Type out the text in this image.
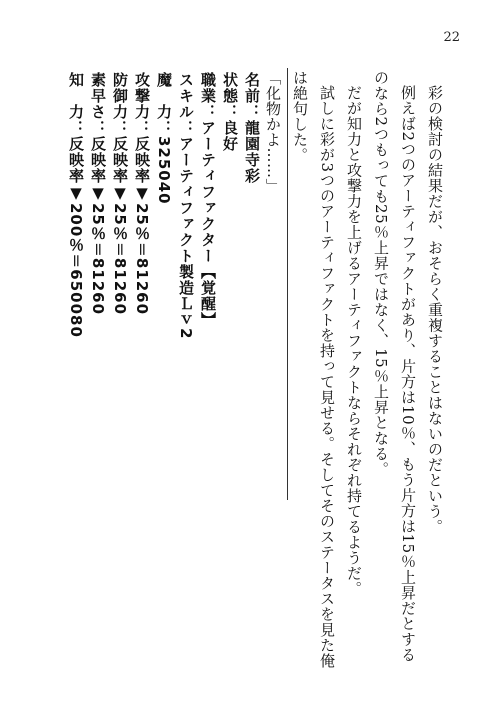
22

彩の検討の結果だが、おそらく重複することはないのだという。

例えば2つのアーティファクトがあり、片方は10％、もう片方は15％上昇だとするのなら2つもっても25％上昇ではなく、15％上昇となる。

だが知力と攻撃力を上げるアーティファクトならそれぞれ持てるようだ。

試しに彩が3つのアーティファクトを持って見せる。そしてそのステータスを見た俺は絶句した。

「化物かよ……」

名前：龍園寺彩
状態：良好
職業：アーティファクター【覚醒】
スキル：アーティファクト製造Ｌｖ2
魔　力：325040
攻撃力：反映率▼25％＝81260
防御力：反映率▼25％＝81260
素早さ：反映率▼25％＝81260
知　力：反映率▼200％＝650080
